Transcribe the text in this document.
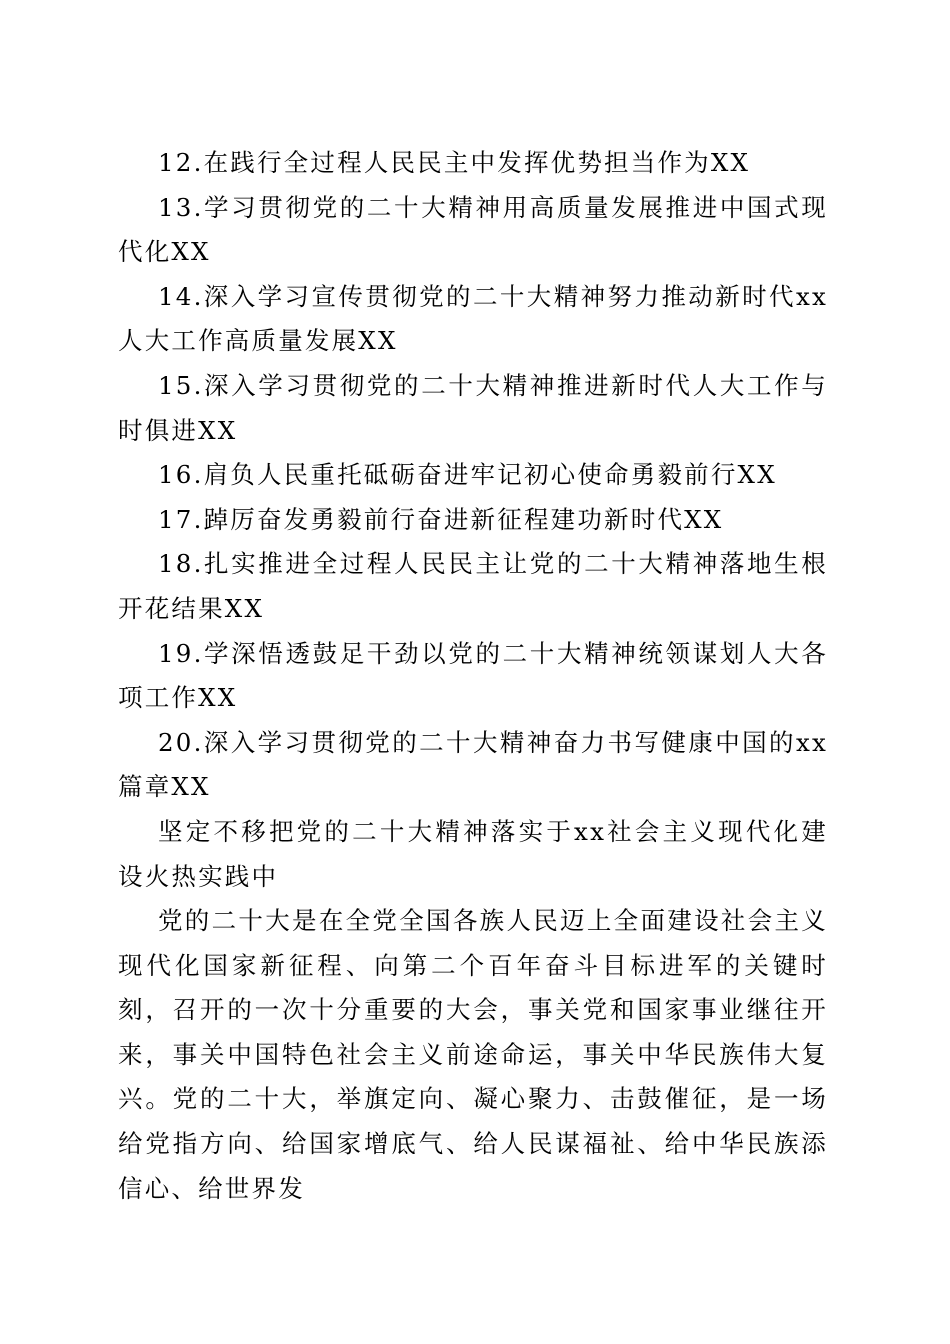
12.在践行全过程人民民主中发挥优势担当作为XX

13.学习贯彻党的二十大精神用高质量发展推进中国式现代化XX

14.深入学习宣传贯彻党的二十大精神努力推动新时代xx人大工作高质量发展XX

15.深入学习贯彻党的二十大精神推进新时代人大工作与时俱进XX

16.肩负人民重托砥砺奋进牢记初心使命勇毅前行XX

17.踔厉奋发勇毅前行奋进新征程建功新时代XX

18.扎实推进全过程人民民主让党的二十大精神落地生根开花结果XX

19.学深悟透鼓足干劲以党的二十大精神统领谋划人大各项工作XX

20.深入学习贯彻党的二十大精神奋力书写健康中国的xx篇章XX

坚定不移把党的二十大精神落实于xx社会主义现代化建设火热实践中

党的二十大是在全党全国各族人民迈上全面建设社会主义现代化国家新征程、向第二个百年奋斗目标进军的关键时刻，召开的一次十分重要的大会，事关党和国家事业继往开来，事关中国特色社会主义前途命运，事关中华民族伟大复兴。党的二十大，举旗定向、凝心聚力、击鼓催征，是一场给党指方向、给国家增底气、给人民谋福祉、给中华民族添信心、给世界发
